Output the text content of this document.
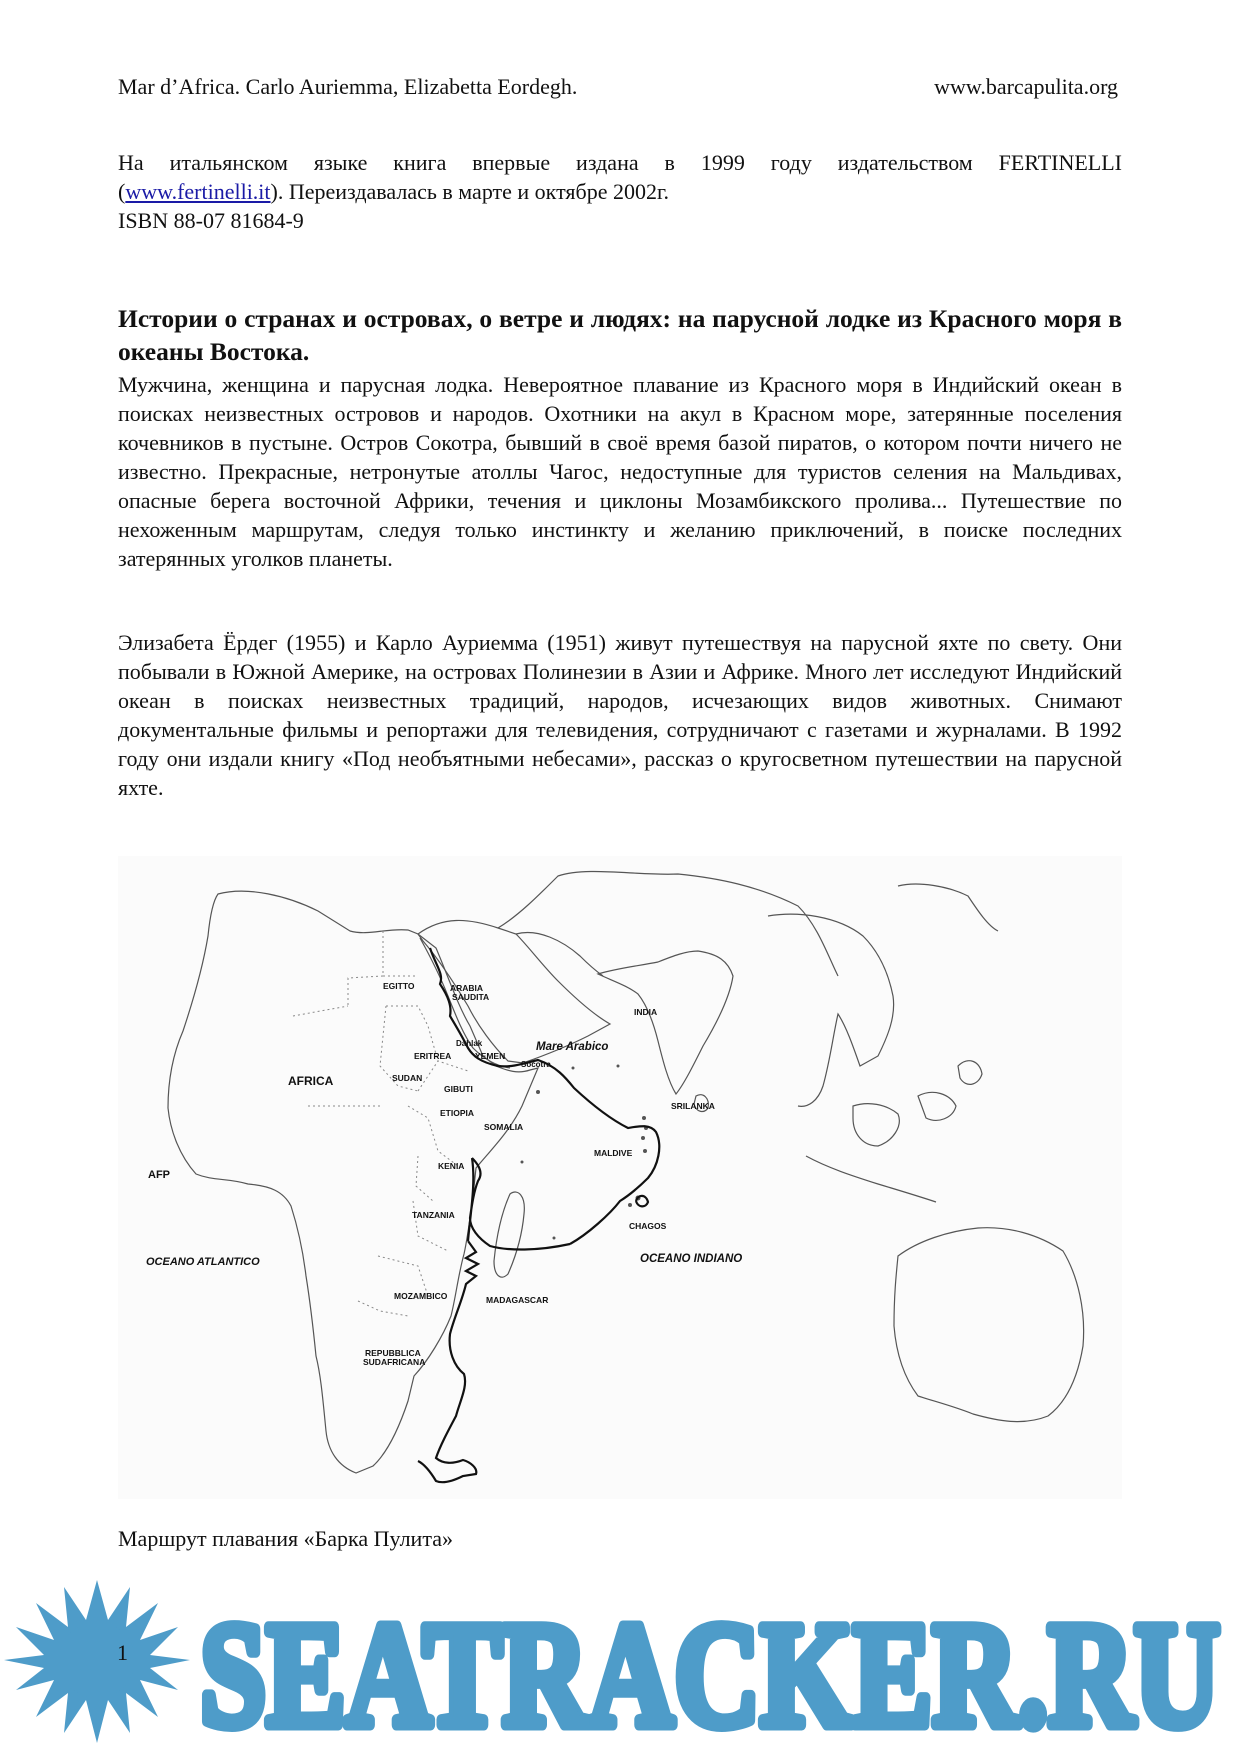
Mar d’Africa. Carlo Auriemma, Elizabetta Eordegh.	www.barcapulita.org
На итальянском языке книга впервые издана в 1999 году издательством FERTINELLI
(www.fertinelli.it). Переиздавалась в марте и октябре 2002г.
ISBN 88-07 81684-9
Истории о странах и островах, о ветре и людях: на парусной лодке из Красного моря в океаны Востока.
Мужчина, женщина и парусная лодка. Невероятное плавание из Красного моря в Индийский океан в поисках неизвестных островов и народов. Охотники на акул в Красном море, затерянные поселения кочевников в пустыне. Остров Сокотра, бывший в своё время базой пиратов, о котором почти ничего не известно. Прекрасные, нетронутые атоллы Чагос, недоступные для туристов селения на Мальдивах, опасные берега восточной Африки, течения и циклоны Мозамбикского пролива... Путешествие по нехоженным маршрутам, следуя только инстинкту и желанию приключений, в поиске последних затерянных уголков планеты.
Элизабета Ёрдег (1955) и Карло Ауриемма (1951) живут путешествуя на парусной яхте по свету. Они побывали в Южной Америке, на островах Полинезии в Азии и Африке. Много лет исследуют Индийский океан в поисках неизвестных традиций, народов, исчезающих видов животных. Снимают документальные фильмы и репортажи для телевидения, сотрудничают с газетами и журналами. В 1992 году они издали книгу «Под необъятными небесами», рассказ о кругосветном путешествии на парусной яхте.
EGITTO	ARABIA
SAUDITA
INDIA
Dahlak	Mare Arabico
ERITREA	YEMEN
Socotra
AFRICA	SUDAN
GIBUTI
SRILANKA
ETIOPIA
SOMALIA
MALDIVE
AFP
KENIA
TANZANIA
CHAGOS
OCEANO ATLANTICO	OCEANO INDIANO
MOZAMBICO	MADAGASCAR
REPUBBLICA
SUDAFRICANA
Маршрут плавания «Барка Пулита»
SEATRACKER.RU
SEATRACKER.RU
1
